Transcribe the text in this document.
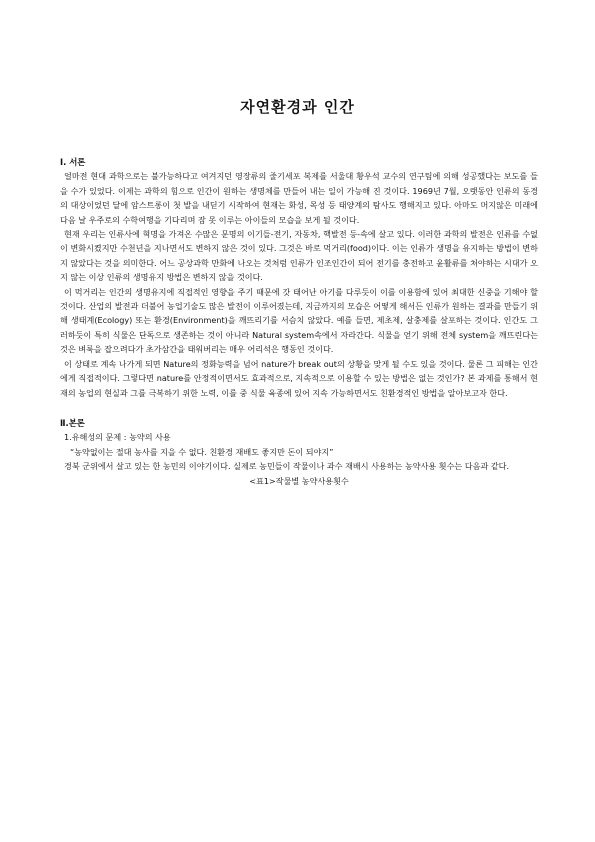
자연환경과 인간
Ⅰ. 서론

얼마전 현대 과학으로는 불가능하다고 여겨지던 영장류의 줄기세포 복제를 서울대 황우석 교수의 연구팀에 의해 성공했다는 보도를 들을 수가 있었다. 이제는 과학의 힘으로 인간이 원하는 생명체를 만들어 내는 일이 가능해 진 것이다. 1969년 7월, 오랫동안 인류의 동경의 대상이었던 달에 암스트롱이 첫 발을 내딛기 시작하여 현재는 화성, 목성 등 태양계의 탐사도 행해지고 있다. 아마도 머지않은 미래에 다음 날 우주로의 수학여행을 기다리며 잠 못 이루는 아이들의 모습을 보게 될 것이다.

현재 우리는 인류사에 혁명을 가져온 수많은 문명의 이기들-전기, 자동차, 핵발전 등-속에 살고 있다. 이러한 과학의 발전은 인류를 수없이 변화시켰지만 수천년을 지나면서도 변하지 않은 것이 있다. 그것은 바로 먹거리(food)이다. 이는 인류가 생명을 유지하는 방법이 변하지 않았다는 것을 의미한다. 어느 공상과학 만화에 나오는 것처럼 인류가 인조인간이 되어 전기를 충전하고 윤활류를 쳐야하는 시대가 오지 않는 이상 인류의 생명유지 방법은 변하지 않을 것이다.

이 먹거리는 인간의 생명유지에 직접적인 영향을 주기 때문에 갓 태어난 아기를 다루듯이 이를 이용함에 있어 최대한 신중을 기해야 할 것이다. 산업의 발전과 더불어 농업기술도 많은 발전이 이루어졌는데, 지금까지의 모습은 어떻게 해서든 인류가 원하는 결과를 만들기 위해 생태계(Ecology) 또는 환경(Environment)을 깨뜨리기를 서슴치 않았다. 예를 들면, 제초제, 살충제를 살포하는 것이다. 인간도 그러하듯이 특히 식물은 단독으로 생존하는 것이 아니라 Natural system속에서 자라간다. 식물을 얻기 위해 전체 system을 깨뜨린다는 것은 벼룩을 잡으려다가 초가삼간을 태워버리는 매우 어리석은 행동인 것이다.

이 상태로 계속 나가게 되면 Nature의 정화능력을 넘어 nature가 break out의 상황을 맞게 될 수도 있을 것이다. 물론 그 피해는 인간에게 직접적이다. 그렇다면 nature를 안정적이면서도 효과적으로, 지속적으로 이용할 수 있는 방법은 없는 것인가? 본 과제를 통해서 현재의 농업의 현실과 그를 극복하기 위한 노력, 이를 중 식물 육종에 있어 지속 가능하면서도 친환경적인 방법을 알아보고자 한다.

Ⅱ.본론

1.유해성의 문제 : 농약의 사용

“농약없이는 절대 농사를 지을 수 없다. 친환경 재배도 좋지만 돈이 되야지”

경북 군위에서 살고 있는 한 농민의 이야기이다. 실제로 농민들이 작물이나 과수 재배시 사용하는 농약사용 횟수는 다음과 같다.

<표1>작물별 농약사용횟수
